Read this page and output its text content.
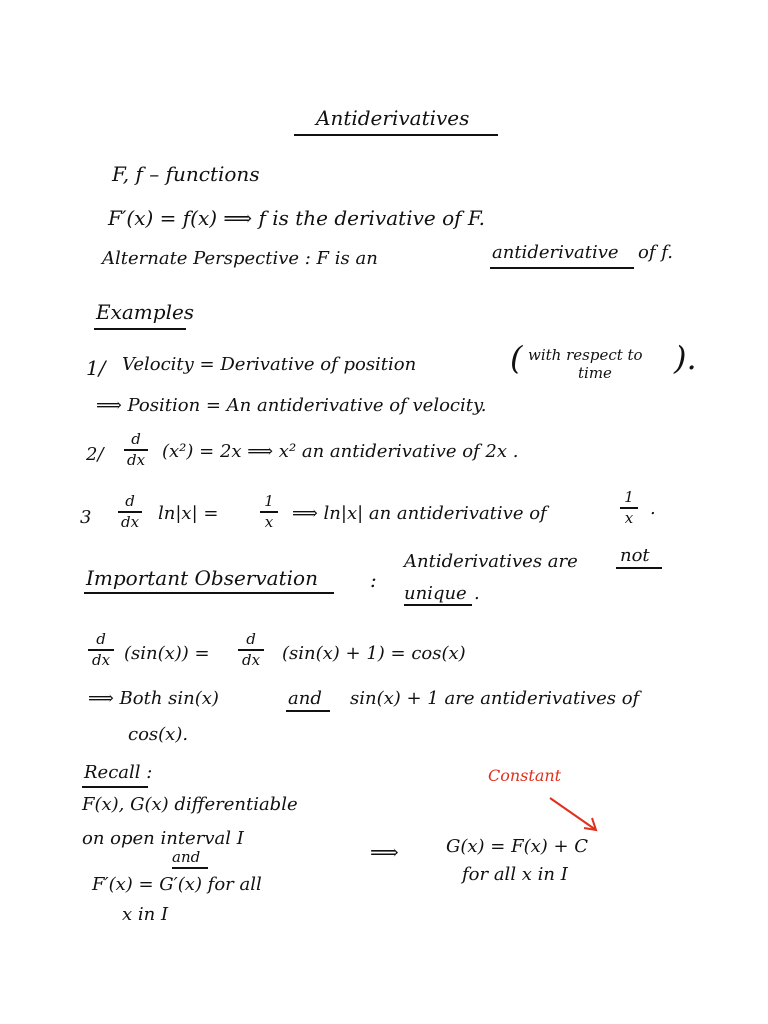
Antiderivatives
F, f – functions
F′(x) = f(x) ⟹ f is the derivative of F.
Alternate Perspective : F is an	antiderivative of f.
Examples
1/ Velocity = Derivative of position	( with respect to
time ).
⟹ Position = An antiderivative of velocity.
2/
d
dx (x²) = 2x ⟹ x² an antiderivative of 2x .
3
d
dx ln|x| =
1
x ⟹ ln|x| an antiderivative of
1
x .
Important Observation	:
Antiderivatives are not
unique .
d
dx (sin(x)) =
d
dx (sin(x) + 1) = cos(x)
⟹ Both sin(x)	and sin(x) + 1 are antiderivatives of
cos(x).
Recall :
F(x), G(x) differentiable
on open interval I
and
F′(x) = G′(x) for all
x in I
⟹	G(x) = F(x) + C
for all x in I
Constant
